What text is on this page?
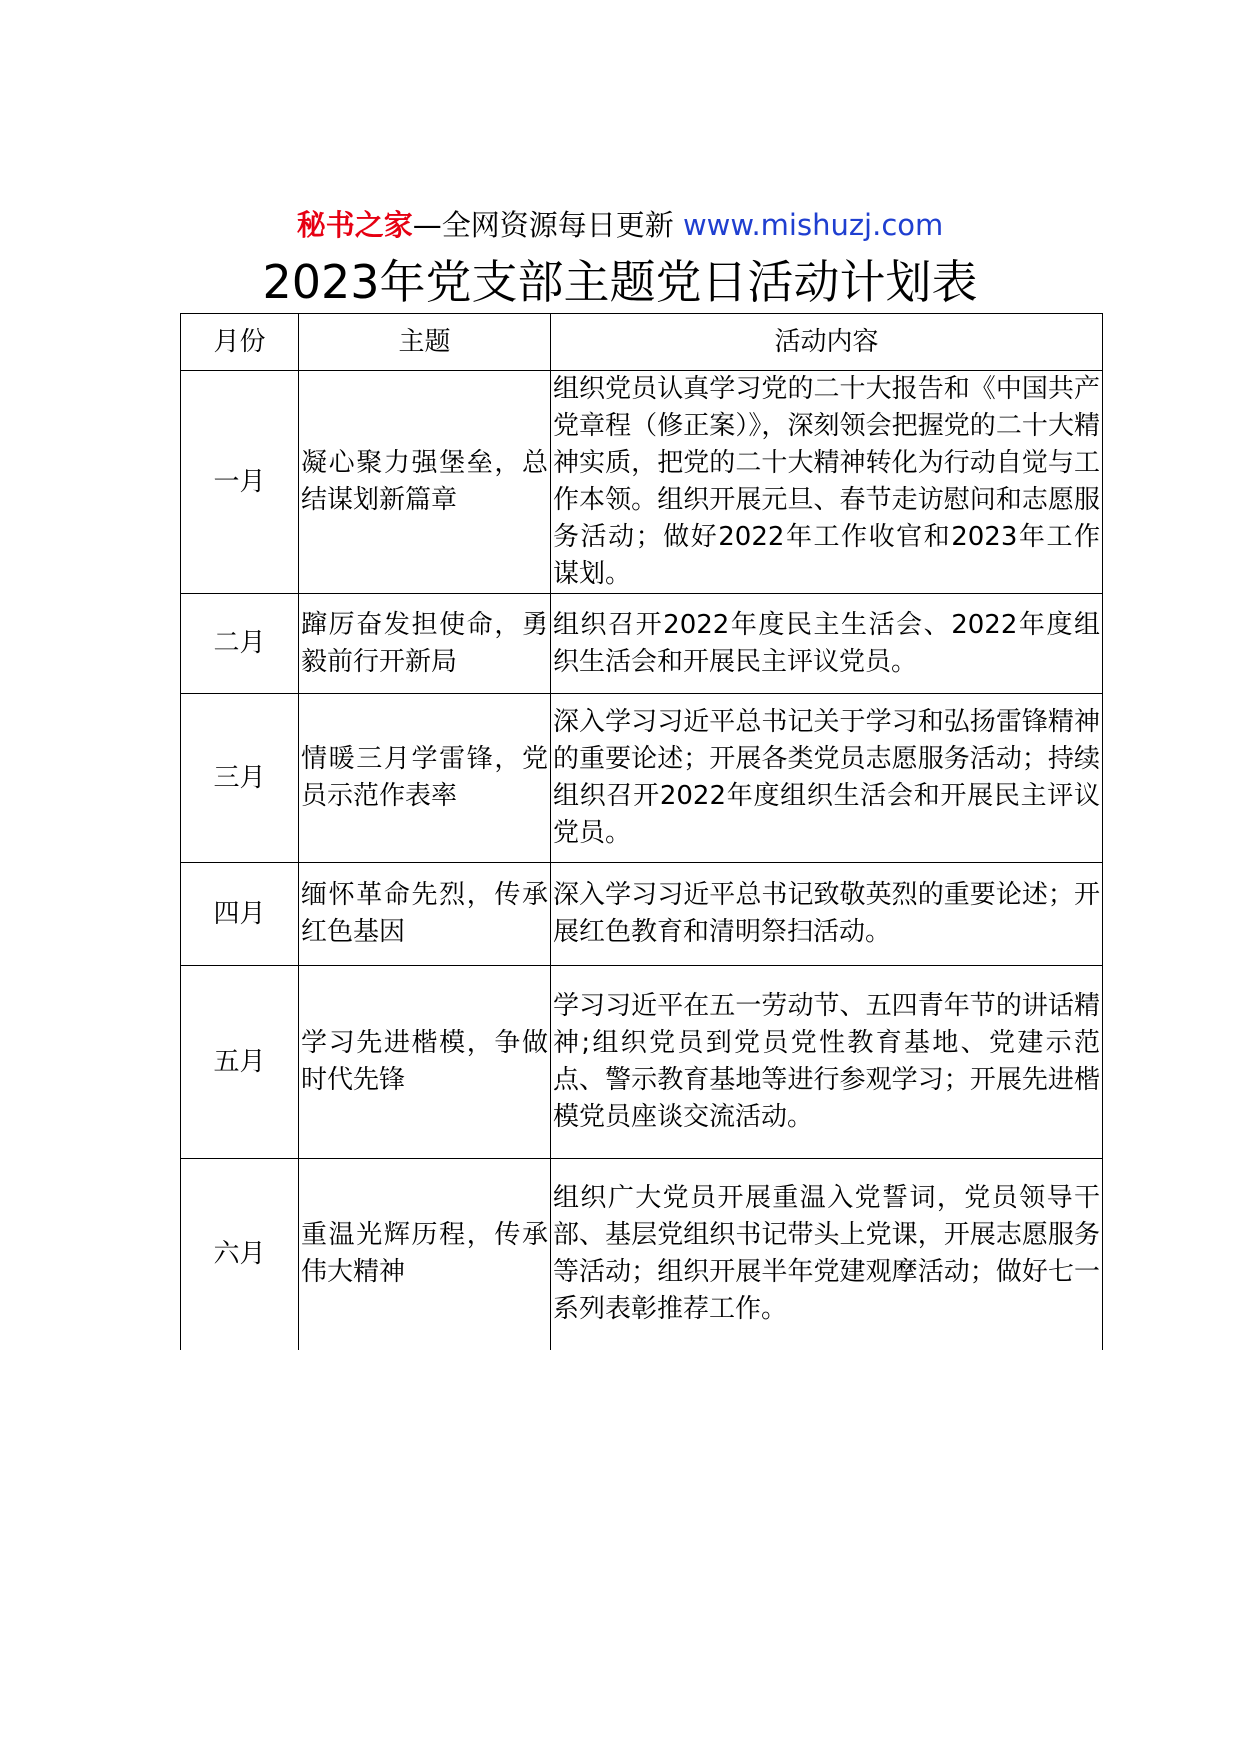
秘书之家—全网资源每日更新 www.mishuzj.com
2023年党支部主题党日活动计划表
月份	主题	活动内容
一月	凝心聚力强堡垒，总结谋划新篇章	组织党员认真学习党的二十大报告和《中国共产党章程（修正案）》，深刻领会把握党的二十大精神实质，把党的二十大精神转化为行动自觉与工作本领。组织开展元旦、春节走访慰问和志愿服务活动；做好2022年工作收官和2023年工作谋划。
二月	蹿厉奋发担使命，勇毅前行开新局	组织召开2022年度民主生活会、2022年度组织生活会和开展民主评议党员。
三月	情暖三月学雷锋，党员示范作表率	深入学习习近平总书记关于学习和弘扬雷锋精神的重要论述；开展各类党员志愿服务活动；持续组织召开2022年度组织生活会和开展民主评议党员。
四月	缅怀革命先烈，传承红色基因	深入学习习近平总书记致敬英烈的重要论述；开展红色教育和清明祭扫活动。
五月	学习先进楷模，争做时代先锋	学习习近平在五一劳动节、五四青年节的讲话精神;组织党员到党员党性教育基地、党建示范点、警示教育基地等进行参观学习；开展先进楷模党员座谈交流活动。
六月	重温光辉历程，传承伟大精神	组织广大党员开展重温入党誓词，党员领导干部、基层党组织书记带头上党课，开展志愿服务等活动；组织开展半年党建观摩活动；做好七一系列表彰推荐工作。
